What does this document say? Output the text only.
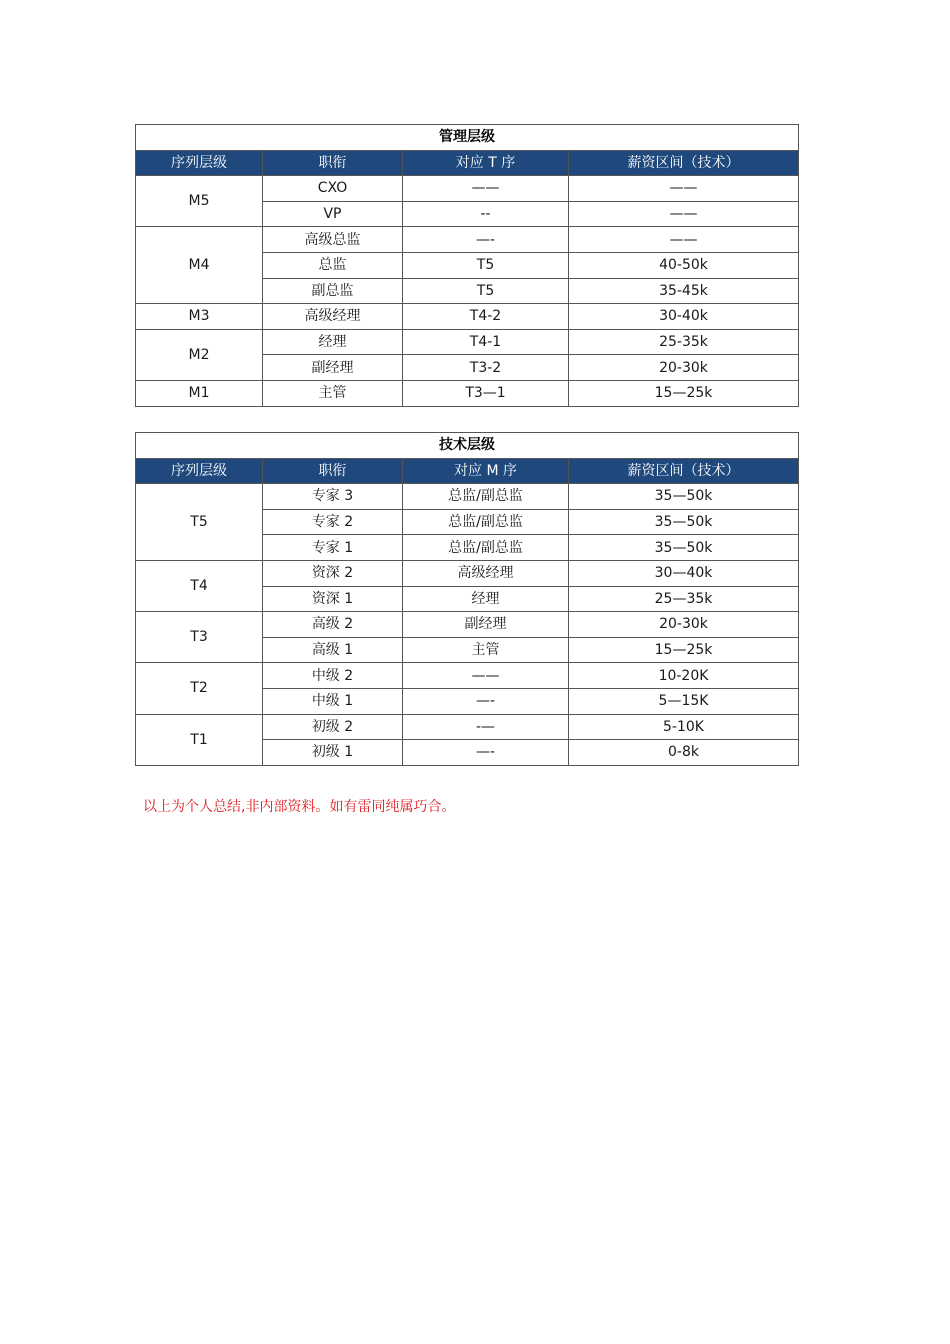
管理层级			
序列层级	职衔	对应 T 序	薪资区间（技术）
M5	CXO	——	——
	VP	--	——
M4	高级总监	—-	——
	总监	T5	40-50k
	副总监	T5	35-45k
M3	高级经理	T4-2	30-40k
M2	经理	T4-1	25-35k
	副经理	T3-2	20-30k
M1	主管	T3—1	15—25k
技术层级			
序列层级	职衔	对应 M 序	薪资区间（技术）
T5	专家 3	总监/副总监	35—50k
	专家 2	总监/副总监	35—50k
	专家 1	总监/副总监	35—50k
T4	资深 2	高级经理	30—40k
	资深 1	经理	25—35k
T3	高级 2	副经理	20-30k
	高级 1	主管	15—25k
T2	中级 2	——	10-20K
	中级 1	—-	5—15K
T1	初级 2	-—	5-10K
	初级 1	—-	0-8k
以上为个人总结,非内部资料。如有雷同纯属巧合。
